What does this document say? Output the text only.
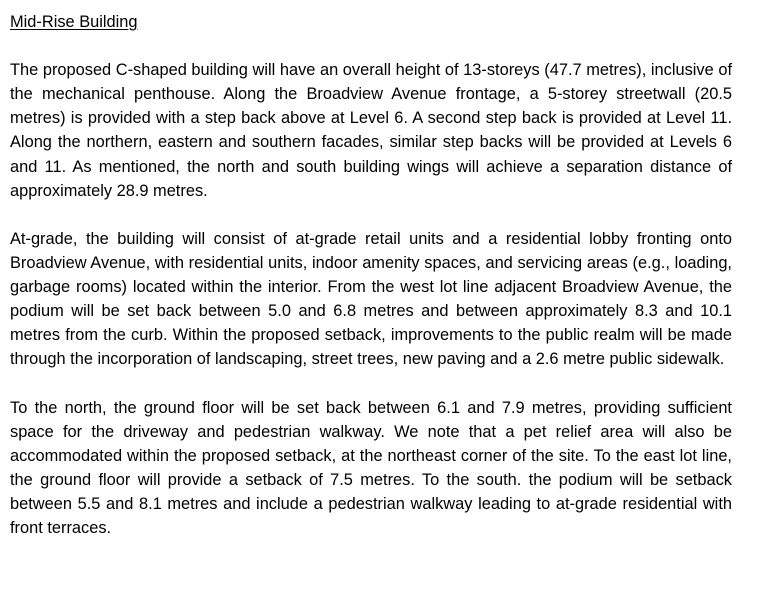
Mid-Rise Building

The proposed C-shaped building will have an overall height of 13-storeys (47.7 metres), inclusive of the mechanical penthouse. Along the Broadview Avenue frontage, a 5-storey streetwall (20.5 metres) is provided with a step back above at Level 6. A second step back is provided at Level 11. Along the northern, eastern and southern facades, similar step backs will be provided at Levels 6 and 11. As mentioned, the north and south building wings will achieve a separation distance of approximately 28.9 metres.

At-grade, the building will consist of at-grade retail units and a residential lobby fronting onto Broadview Avenue, with residential units, indoor amenity spaces, and servicing areas (e.g., loading, garbage rooms) located within the interior. From the west lot line adjacent Broadview Avenue, the podium will be set back between 5.0 and 6.8 metres and between approximately 8.3 and 10.1 metres from the curb. Within the proposed setback, improvements to the public realm will be made through the incorporation of landscaping, street trees, new paving and a 2.6 metre public sidewalk.

To the north, the ground floor will be set back between 6.1 and 7.9 metres, providing sufficient space for the driveway and pedestrian walkway. We note that a pet relief area will also be accommodated within the proposed setback, at the northeast corner of the site. To the east lot line, the ground floor will provide a setback of 7.5 metres. To the south. the podium will be setback between 5.5 and 8.1 metres and include a pedestrian walkway leading to at-grade residential with front terraces.
